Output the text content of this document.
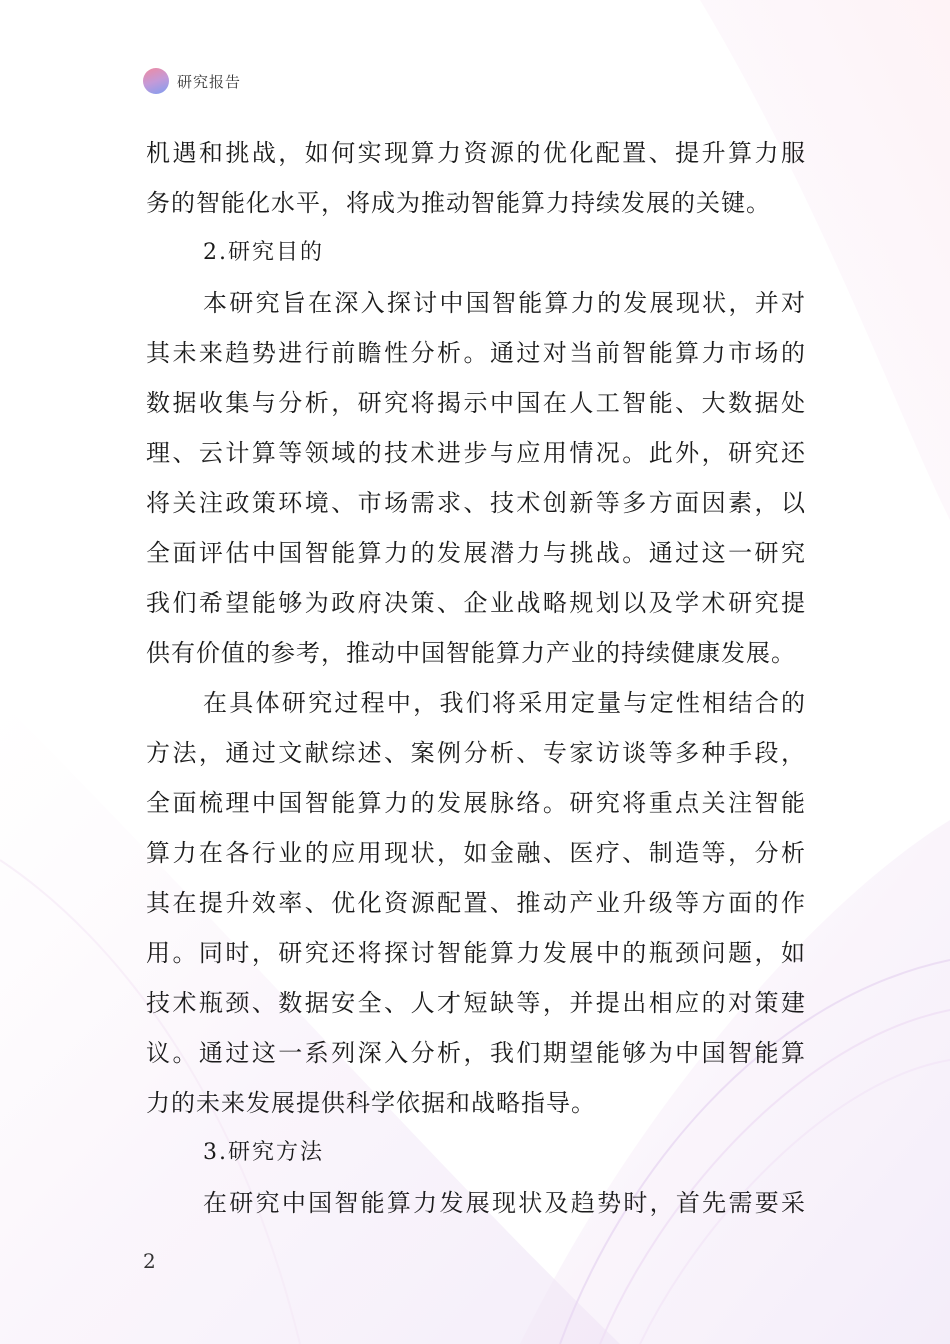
研究报告
机遇和挑战，如何实现算力资源的优化配置、提升算力服
务的智能化水平，将成为推动智能算力持续发展的关键。
2.研究目的
本研究旨在深入探讨中国智能算力的发展现状，并对
其未来趋势进行前瞻性分析。通过对当前智能算力市场的
数据收集与分析，研究将揭示中国在人工智能、大数据处
理、云计算等领域的技术进步与应用情况。此外，研究还
将关注政策环境、市场需求、技术创新等多方面因素，以
全面评估中国智能算力的发展潜力与挑战。通过这一研究
我们希望能够为政府决策、企业战略规划以及学术研究提
供有价值的参考，推动中国智能算力产业的持续健康发展。
在具体研究过程中，我们将采用定量与定性相结合的
方法，通过文献综述、案例分析、专家访谈等多种手段，
全面梳理中国智能算力的发展脉络。研究将重点关注智能
算力在各行业的应用现状，如金融、医疗、制造等，分析
其在提升效率、优化资源配置、推动产业升级等方面的作
用。同时，研究还将探讨智能算力发展中的瓶颈问题，如
技术瓶颈、数据安全、人才短缺等，并提出相应的对策建
议。通过这一系列深入分析，我们期望能够为中国智能算
力的未来发展提供科学依据和战略指导。
3.研究方法
在研究中国智能算力发展现状及趋势时，首先需要采
2
